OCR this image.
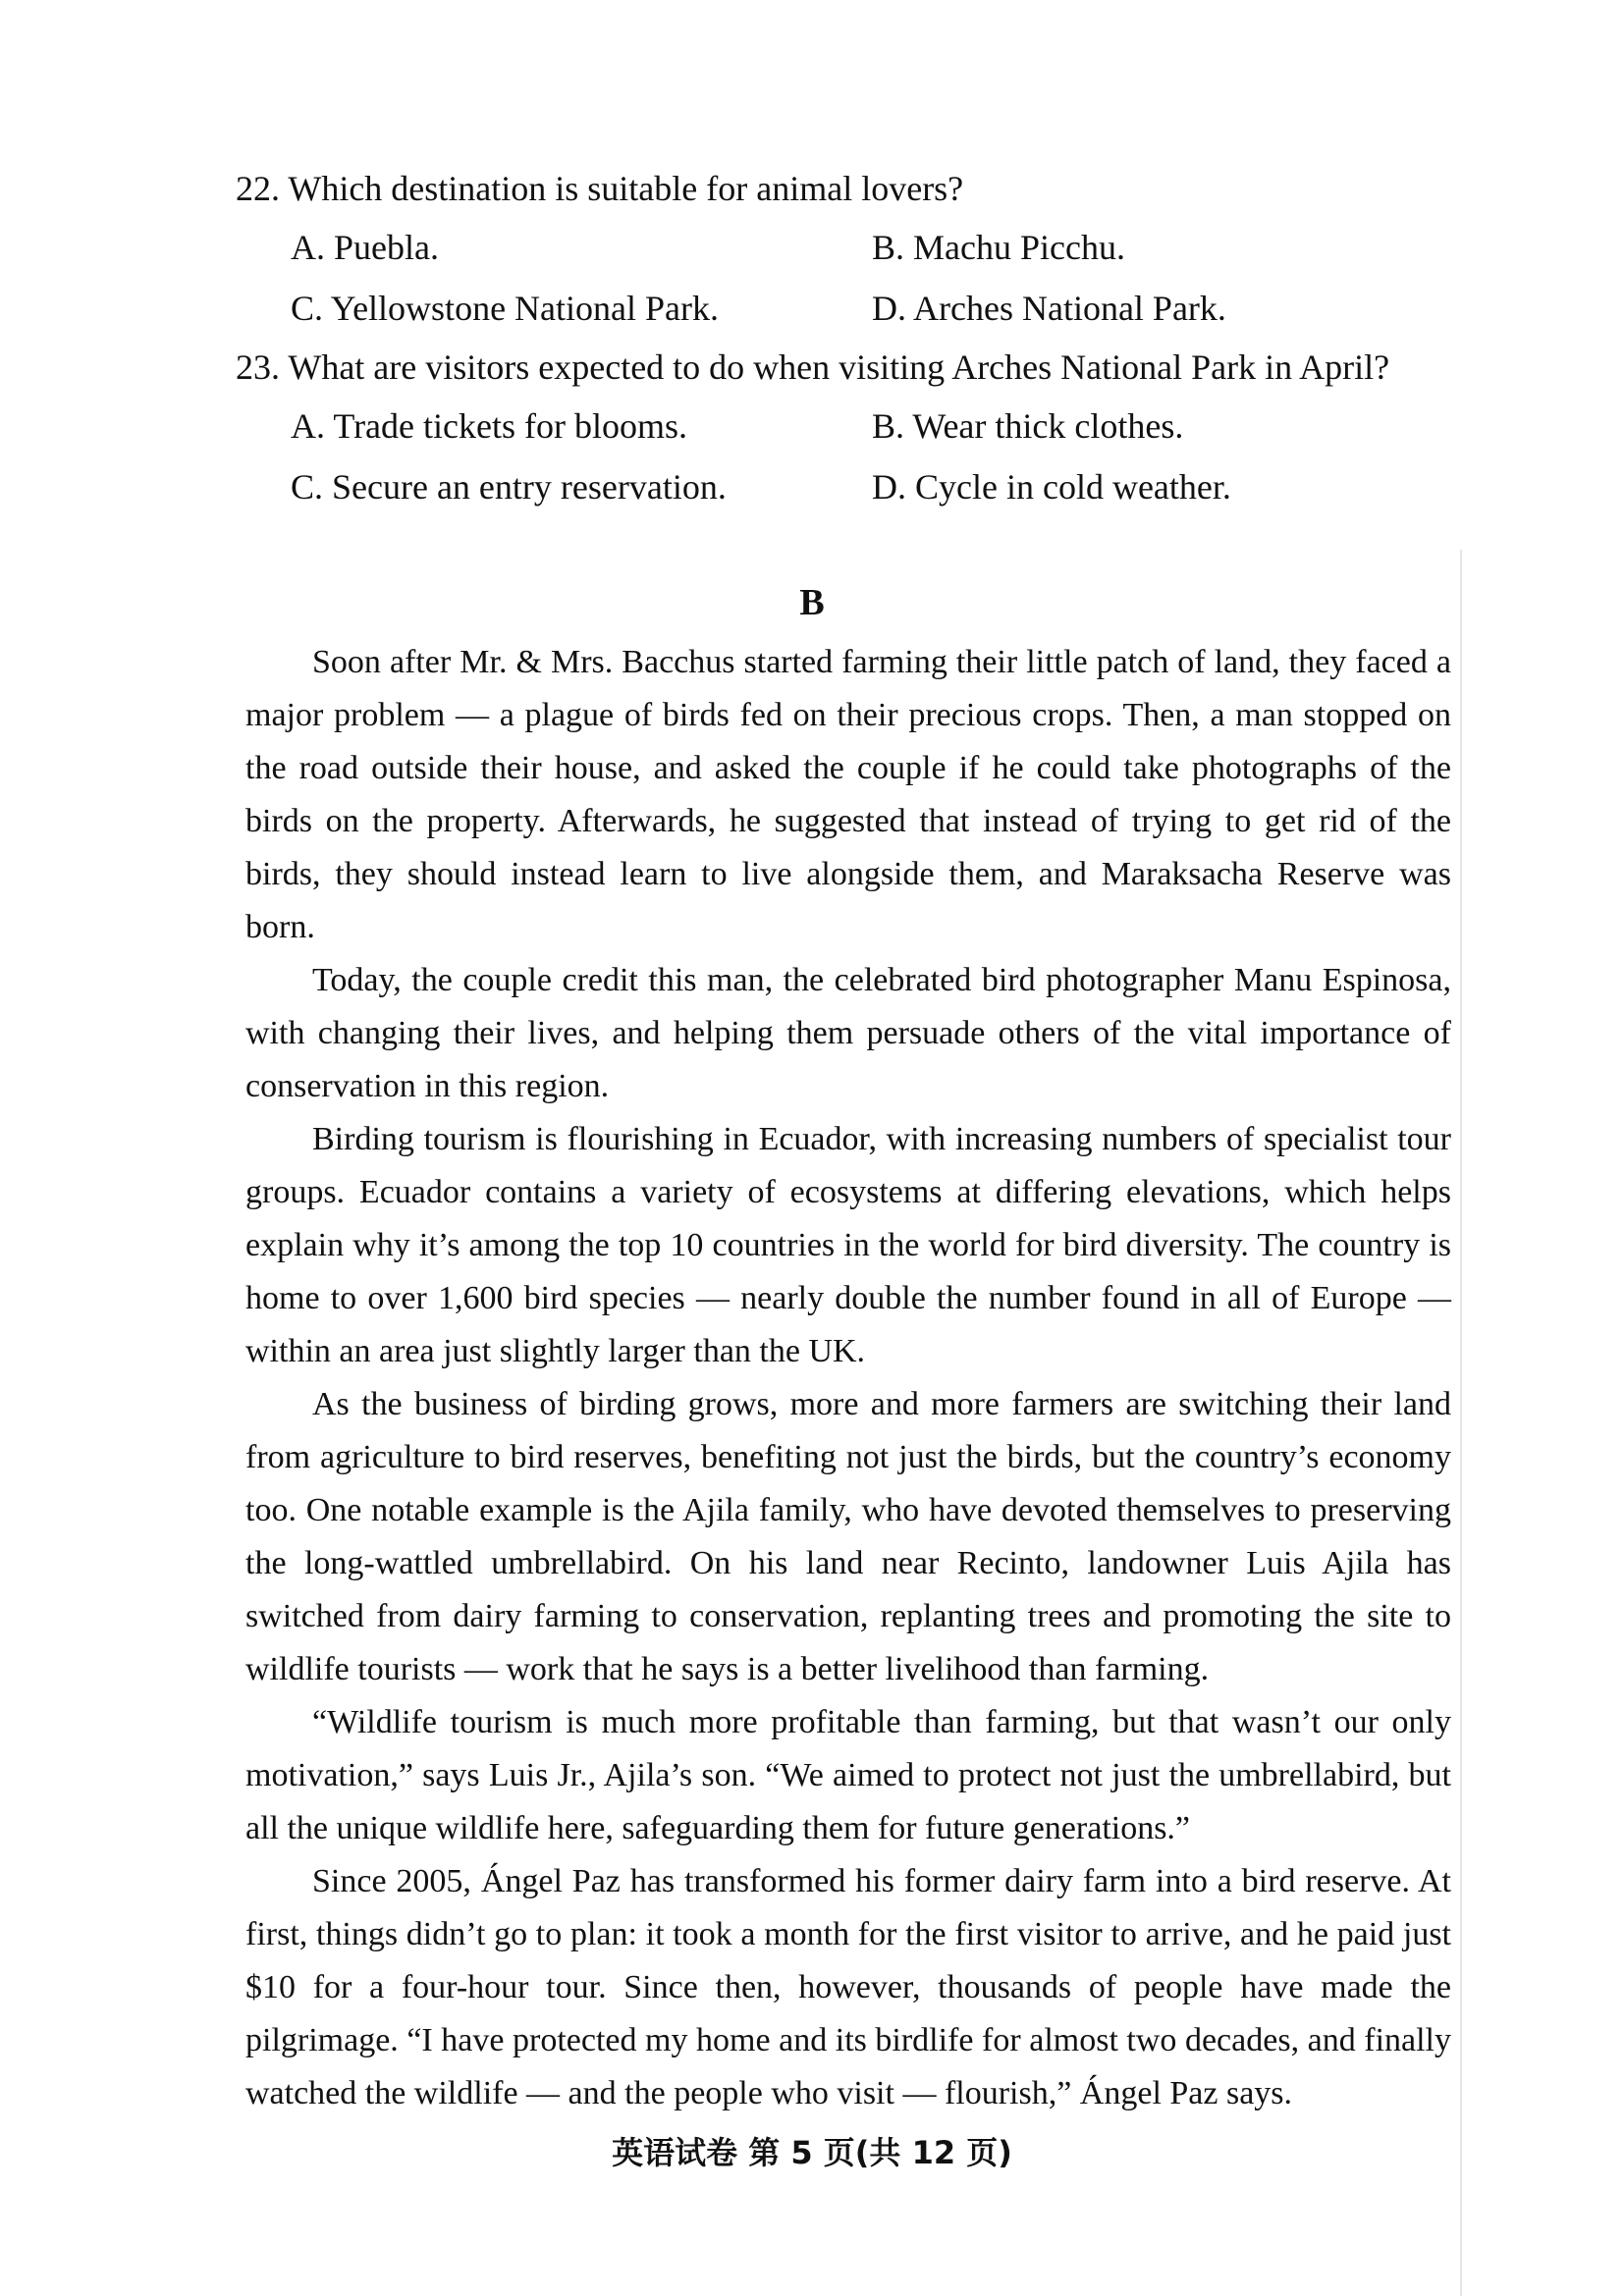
22. Which destination is suitable for animal lovers?
A. Puebla.	B. Machu Picchu.
C. Yellowstone National Park.	D. Arches National Park.
23. What are visitors expected to do when visiting Arches National Park in April?
A. Trade tickets for blooms.	B. Wear thick clothes.
C. Secure an entry reservation.	D. Cycle in cold weather.
B

Soon after Mr. & Mrs. Bacchus started farming their little patch of land, they faced a major problem — a plague of birds fed on their precious crops. Then, a man stopped on the road outside their house, and asked the couple if he could take photographs of the birds on the property. Afterwards, he suggested that instead of trying to get rid of the birds, they should instead learn to live alongside them, and Maraksacha Reserve was born.

Today, the couple credit this man, the celebrated bird photographer Manu Espinosa, with changing their lives, and helping them persuade others of the vital importance of conservation in this region.

Birding tourism is flourishing in Ecuador, with increasing numbers of specialist tour groups. Ecuador contains a variety of ecosystems at differing elevations, which helps explain why it’s among the top 10 countries in the world for bird diversity. The country is home to over 1,600 bird species — nearly double the number found in all of Europe — within an area just slightly larger than the UK.

As the business of birding grows, more and more farmers are switching their land from agriculture to bird reserves, benefiting not just the birds, but the country’s economy too. One notable example is the Ajila family, who have devoted themselves to preserving the long-wattled umbrellabird. On his land near Recinto, landowner Luis Ajila has switched from dairy farming to conservation, replanting trees and promoting the site to wildlife tourists — work that he says is a better livelihood than farming.

“Wildlife tourism is much more profitable than farming, but that wasn’t our only motivation,” says Luis Jr., Ajila’s son. “We aimed to protect not just the umbrellabird, but all the unique wildlife here, safeguarding them for future generations.”

Since 2005, Ángel Paz has transformed his former dairy farm into a bird reserve. At first, things didn’t go to plan: it took a month for the first visitor to arrive, and he paid just $10 for a four-hour tour. Since then, however, thousands of people have made the pilgrimage. “I have protected my home and its birdlife for almost two decades, and finally watched the wildlife — and the people who visit — flourish,” Ángel Paz says.

英语试卷 第 5 页(共 12 页)
